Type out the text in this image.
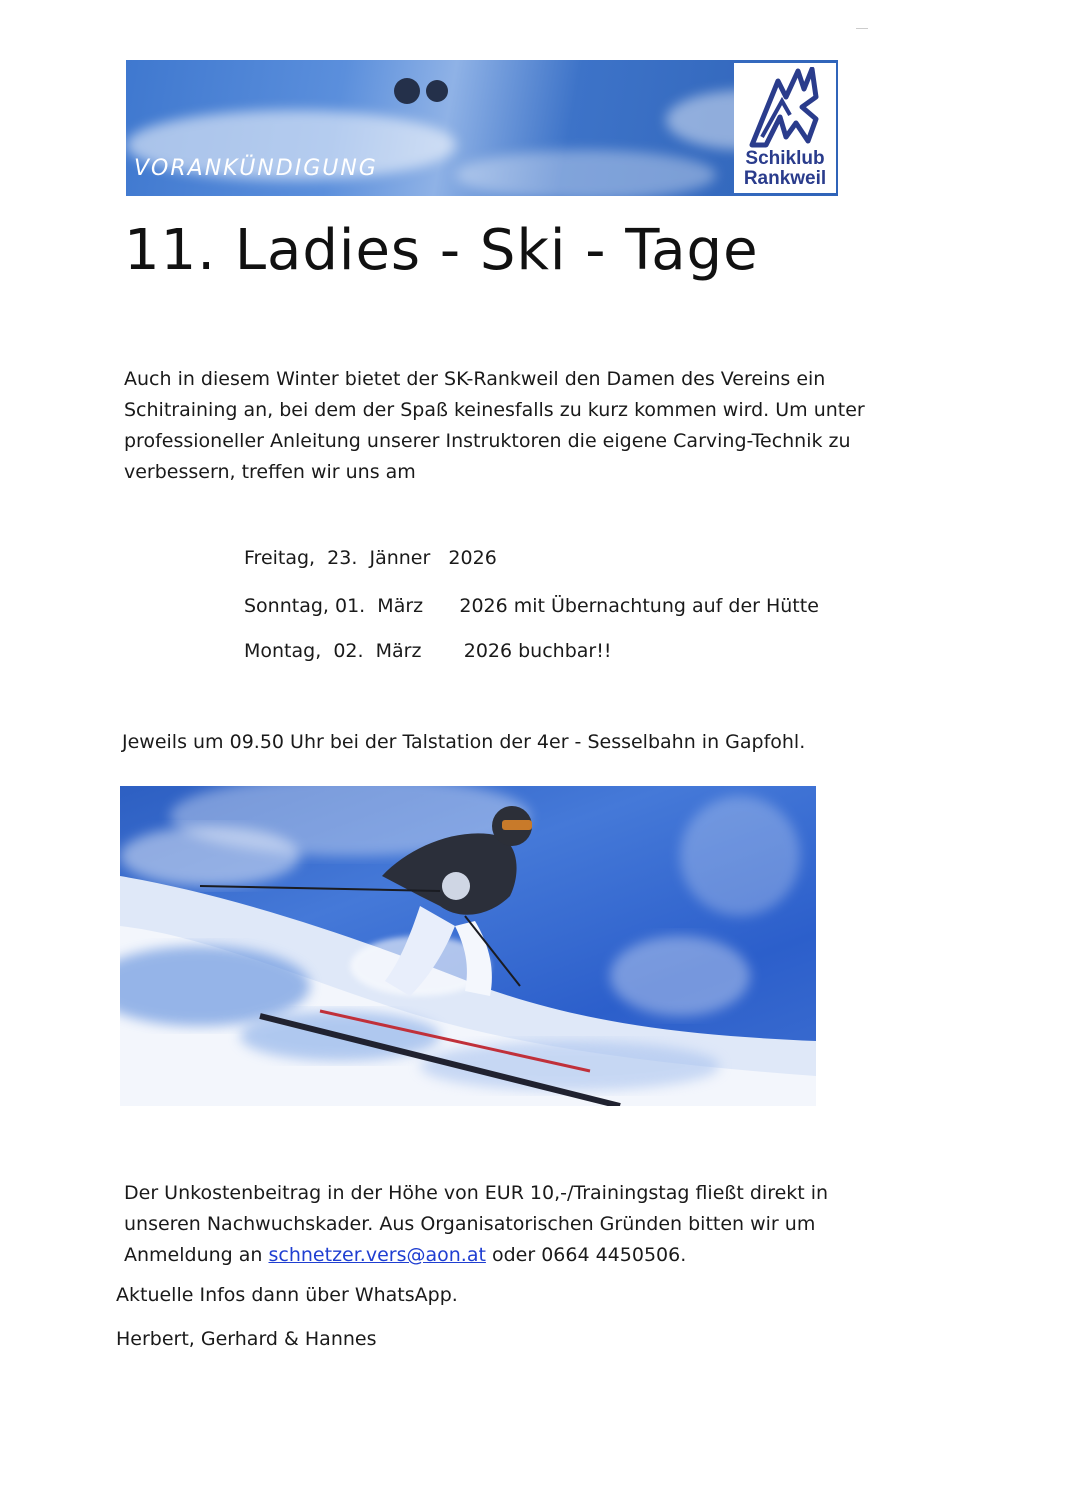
VORANKÜNDIGUNG	Schiklub
Rankweil
11. Ladies - Ski - Tage
Auch in diesem Winter bietet der SK-Rankweil den Damen des Vereins ein Schitraining an, bei dem der Spaß keinesfalls zu kurz kommen wird. Um unter professioneller Anleitung unserer Instruktoren die eigene Carving-Technik zu verbessern, treffen wir uns am
Freitag,  23.  Jänner   2026
Sonntag, 01.  März      2026 mit Übernachtung auf der Hütte
Montag,  02.  März       2026 buchbar!!
Jeweils um 09.50 Uhr bei der Talstation der 4er - Sesselbahn in Gapfohl.
Der Unkostenbeitrag in der Höhe von EUR 10,-/Trainingstag fließt direkt in unseren Nachwuchskader. Aus Organisatorischen Gründen bitten wir um Anmeldung an schnetzer.vers@aon.at oder 0664 4450506.
Aktuelle Infos dann über WhatsApp.
Herbert, Gerhard & Hannes
